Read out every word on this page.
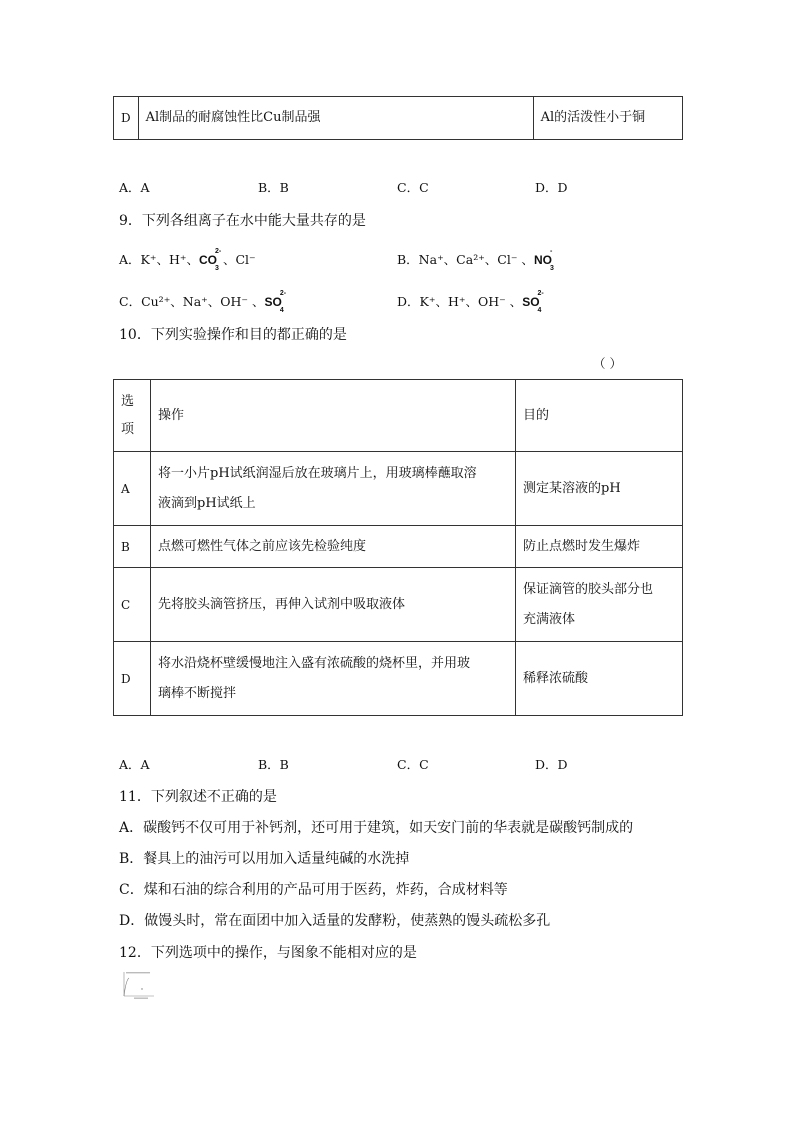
D	Al制品的耐腐蚀性比Cu制品强	Al的活泼性小于铜
A．A	B．B	C．C	D．D
9．下列各组离子在水中能大量共存的是
A．K⁺、H⁺、CO
2-
3
、Cl⁻	B．Na⁺、Ca²⁺、Cl⁻ 、NO
-
3
C．Cu²⁺、Na⁺、OH⁻ 、SO
2-
4
D．K⁺、H⁺、OH⁻ 、SO
2-
4
10．下列实验操作和目的都正确的是
（ ）
选
项	操作	目的
A	将一小片pH试纸润湿后放在玻璃片上，用玻璃棒蘸取溶
液滴到pH试纸上	测定某溶液的pH
B	点燃可燃性气体之前应该先检验纯度	防止点燃时发生爆炸
C	先将胶头滴管挤压，再伸入试剂中吸取液体	保证滴管的胶头部分也
充满液体
D	将水沿烧杯壁缓慢地注入盛有浓硫酸的烧杯里，并用玻
璃棒不断搅拌	稀释浓硫酸
A．A	B．B	C．C	D．D
11．下列叙述不正确的是
A．碳酸钙不仅可用于补钙剂，还可用于建筑，如天安门前的华表就是碳酸钙制成的
B．餐具上的油污可以用加入适量纯碱的水洗掉
C．煤和石油的综合利用的产品可用于医药，炸药，合成材料等
D．做馒头时，常在面团中加入适量的发酵粉，使蒸熟的馒头疏松多孔
12．下列选项中的操作，与图象不能相对应的是
